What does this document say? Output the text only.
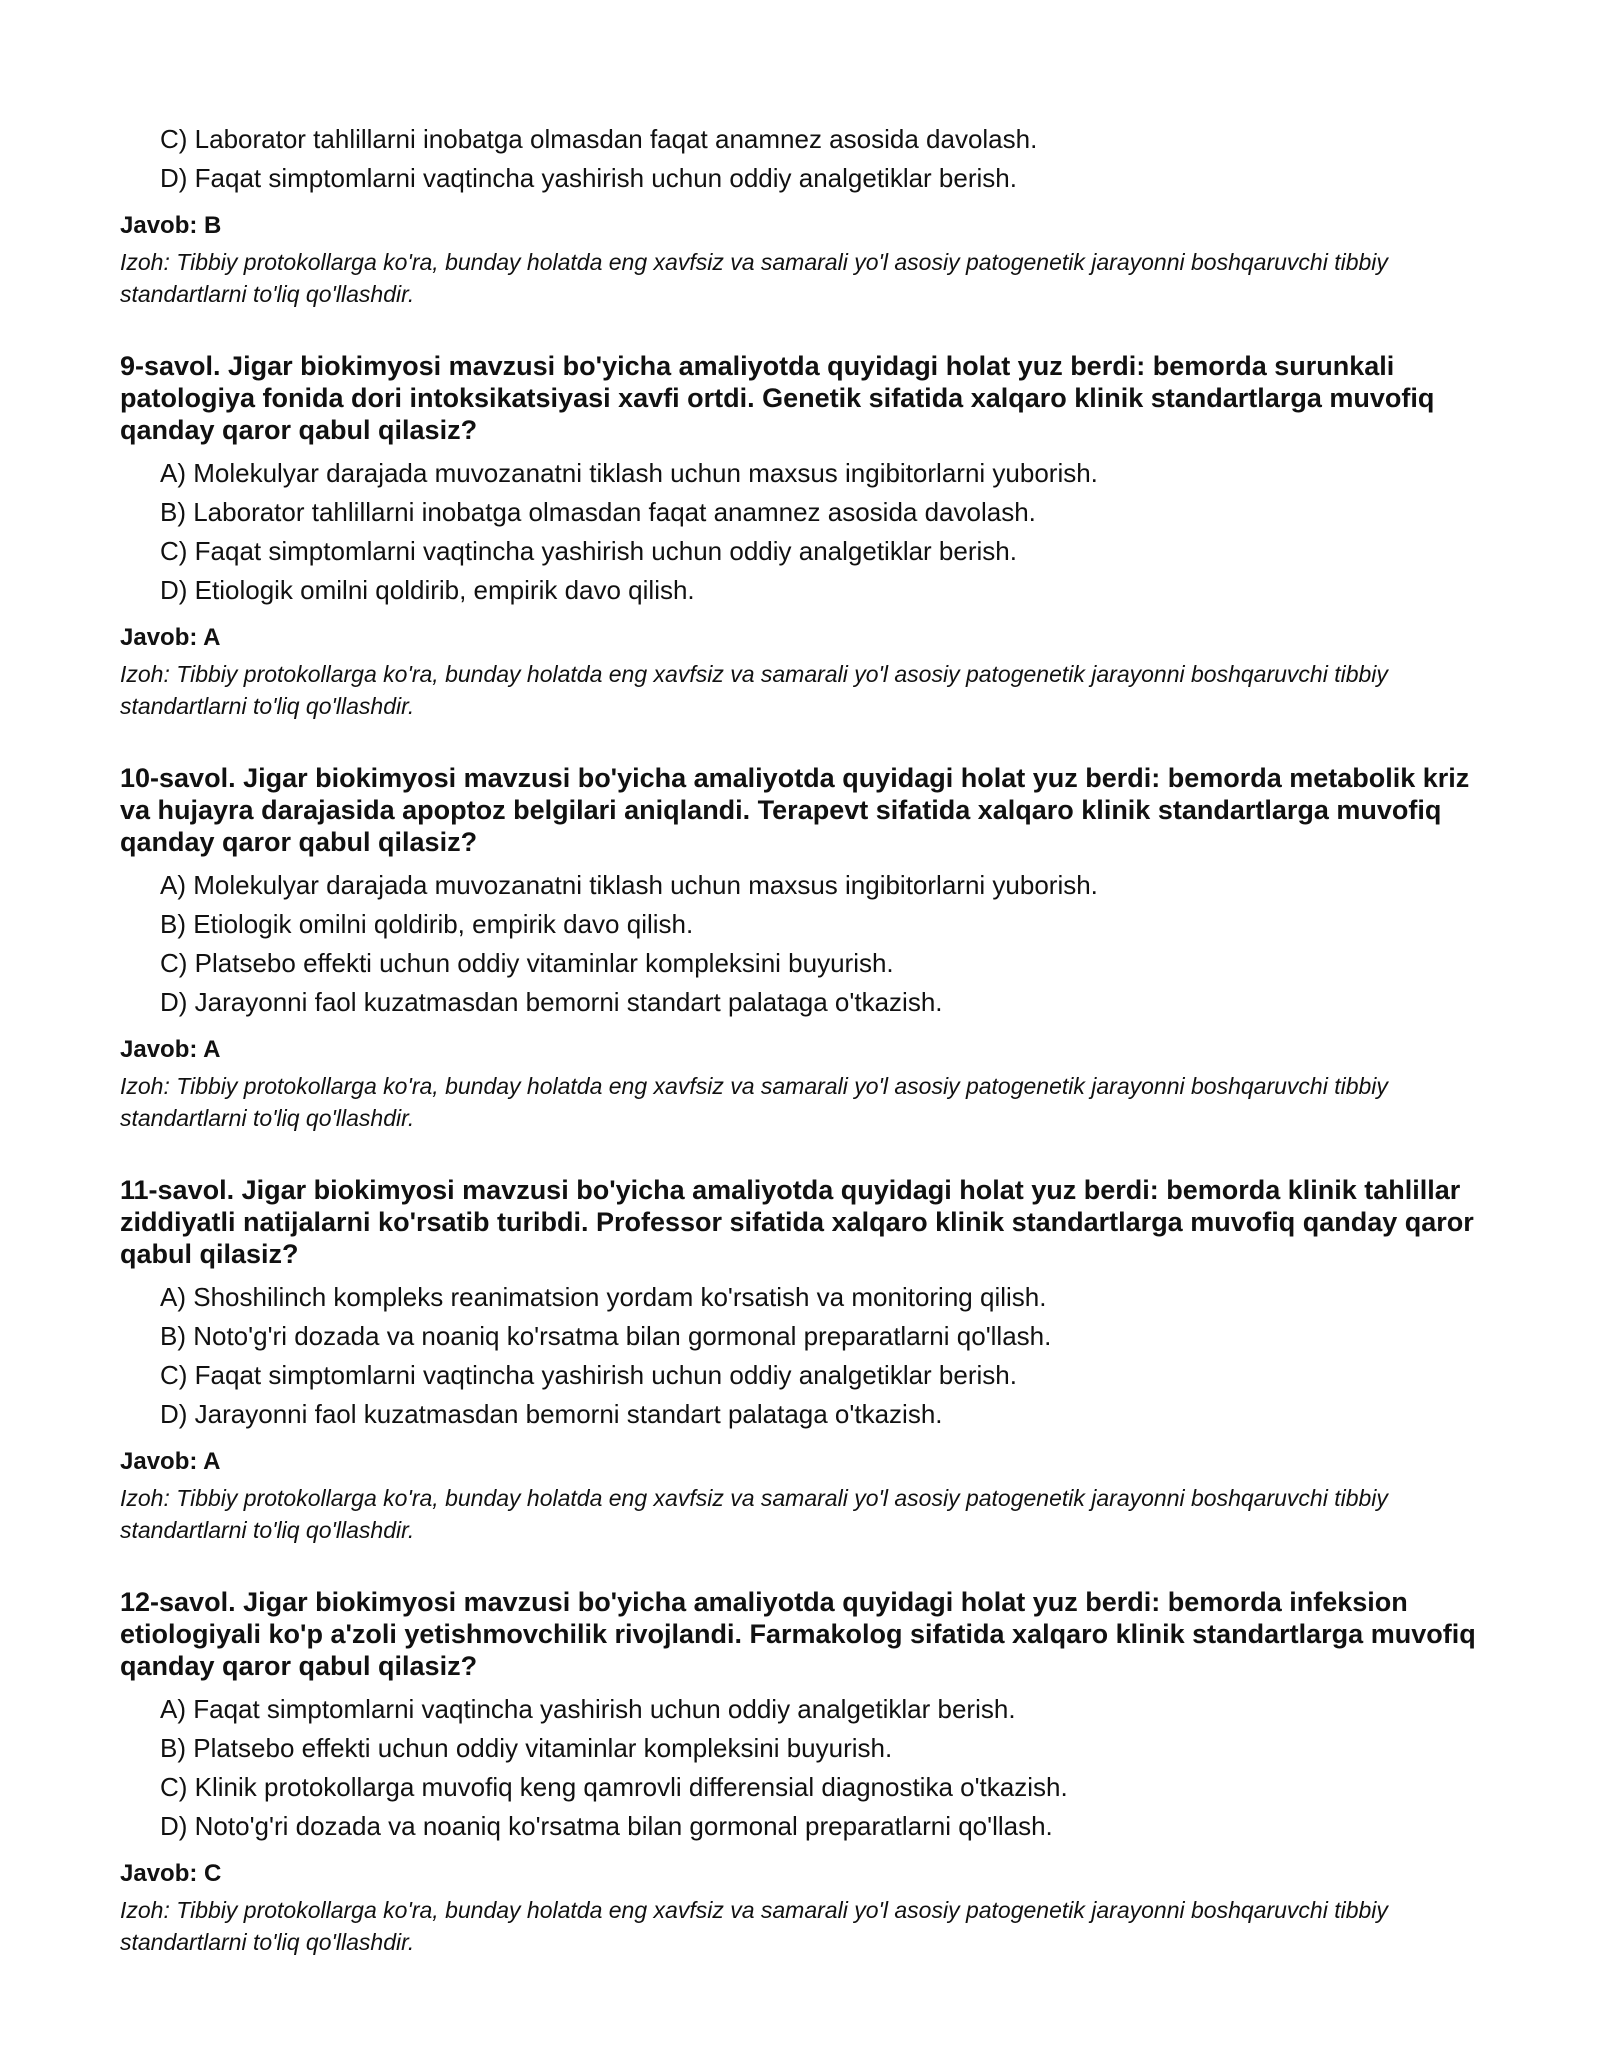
C) Laborator tahlillarni inobatga olmasdan faqat anamnez asosida davolash.
D) Faqat simptomlarni vaqtincha yashirish uchun oddiy analgetiklar berish.
Javob: B
Izoh: Tibbiy protokollarga ko'ra, bunday holatda eng xavfsiz va samarali yo'l asosiy patogenetik jarayonni boshqaruvchi tibbiy standartlarni to'liq qo'llashdir.
9-savol. Jigar biokimyosi mavzusi bo'yicha amaliyotda quyidagi holat yuz berdi: bemorda surunkali patologiya fonida dori intoksikatsiyasi xavfi ortdi. Genetik sifatida xalqaro klinik standartlarga muvofiq qanday qaror qabul qilasiz?
A) Molekulyar darajada muvozanatni tiklash uchun maxsus ingibitorlarni yuborish.
B) Laborator tahlillarni inobatga olmasdan faqat anamnez asosida davolash.
C) Faqat simptomlarni vaqtincha yashirish uchun oddiy analgetiklar berish.
D) Etiologik omilni qoldirib, empirik davo qilish.
Javob: A
Izoh: Tibbiy protokollarga ko'ra, bunday holatda eng xavfsiz va samarali yo'l asosiy patogenetik jarayonni boshqaruvchi tibbiy standartlarni to'liq qo'llashdir.
10-savol. Jigar biokimyosi mavzusi bo'yicha amaliyotda quyidagi holat yuz berdi: bemorda metabolik kriz va hujayra darajasida apoptoz belgilari aniqlandi. Terapevt sifatida xalqaro klinik standartlarga muvofiq qanday qaror qabul qilasiz?
A) Molekulyar darajada muvozanatni tiklash uchun maxsus ingibitorlarni yuborish.
B) Etiologik omilni qoldirib, empirik davo qilish.
C) Platsebo effekti uchun oddiy vitaminlar kompleksini buyurish.
D) Jarayonni faol kuzatmasdan bemorni standart palataga o'tkazish.
Javob: A
Izoh: Tibbiy protokollarga ko'ra, bunday holatda eng xavfsiz va samarali yo'l asosiy patogenetik jarayonni boshqaruvchi tibbiy standartlarni to'liq qo'llashdir.
11-savol. Jigar biokimyosi mavzusi bo'yicha amaliyotda quyidagi holat yuz berdi: bemorda klinik tahlillar ziddiyatli natijalarni ko'rsatib turibdi. Professor sifatida xalqaro klinik standartlarga muvofiq qanday qaror qabul qilasiz?
A) Shoshilinch kompleks reanimatsion yordam ko'rsatish va monitoring qilish.
B) Noto'g'ri dozada va noaniq ko'rsatma bilan gormonal preparatlarni qo'llash.
C) Faqat simptomlarni vaqtincha yashirish uchun oddiy analgetiklar berish.
D) Jarayonni faol kuzatmasdan bemorni standart palataga o'tkazish.
Javob: A
Izoh: Tibbiy protokollarga ko'ra, bunday holatda eng xavfsiz va samarali yo'l asosiy patogenetik jarayonni boshqaruvchi tibbiy standartlarni to'liq qo'llashdir.
12-savol. Jigar biokimyosi mavzusi bo'yicha amaliyotda quyidagi holat yuz berdi: bemorda infeksion etiologiyali ko'p a'zoli yetishmovchilik rivojlandi. Farmakolog sifatida xalqaro klinik standartlarga muvofiq qanday qaror qabul qilasiz?
A) Faqat simptomlarni vaqtincha yashirish uchun oddiy analgetiklar berish.
B) Platsebo effekti uchun oddiy vitaminlar kompleksini buyurish.
C) Klinik protokollarga muvofiq keng qamrovli differensial diagnostika o'tkazish.
D) Noto'g'ri dozada va noaniq ko'rsatma bilan gormonal preparatlarni qo'llash.
Javob: C
Izoh: Tibbiy protokollarga ko'ra, bunday holatda eng xavfsiz va samarali yo'l asosiy patogenetik jarayonni boshqaruvchi tibbiy standartlarni to'liq qo'llashdir.
